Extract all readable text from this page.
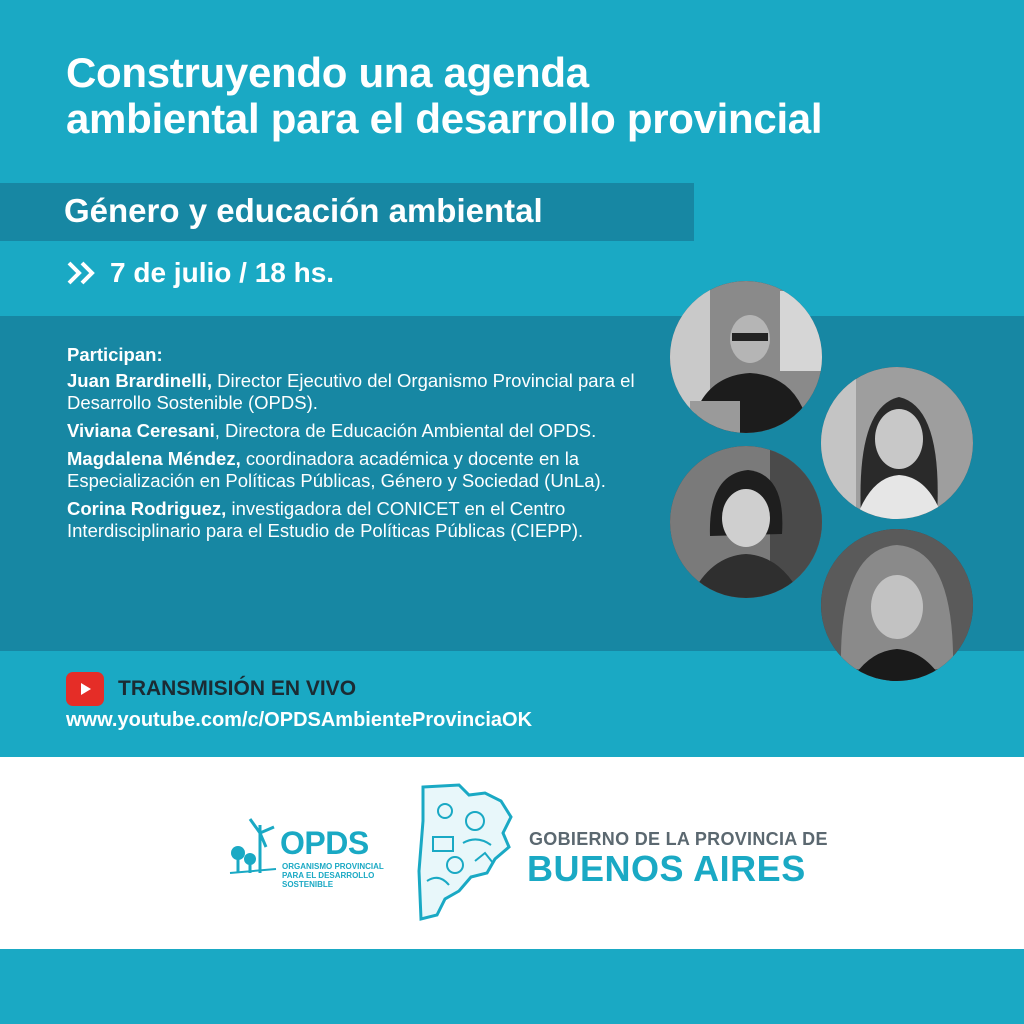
Construyendo una agenda
ambiental para el desarrollo provincial
Género y educación ambiental
7 de julio / 18 hs.
Participan:
Juan Brardinelli, Director Ejecutivo del Organismo Provincial para el Desarrollo Sostenible (OPDS).
Viviana Ceresani, Directora de Educación Ambiental del OPDS.
Magdalena Méndez, coordinadora académica y docente en la Especialización en Políticas Públicas, Género y Sociedad (UnLa).
Corina Rodriguez, investigadora del CONICET en el Centro Interdisciplinario para el Estudio de Políticas Públicas (CIEPP).
TRANSMISIÓN EN VIVO
www.youtube.com/c/OPDSAmbienteProvinciaOK
OPDS
ORGANISMO PROVINCIAL PARA EL DESARROLLO SOSTENIBLE
GOBIERNO DE LA PROVINCIA DE
BUENOS AIRES
